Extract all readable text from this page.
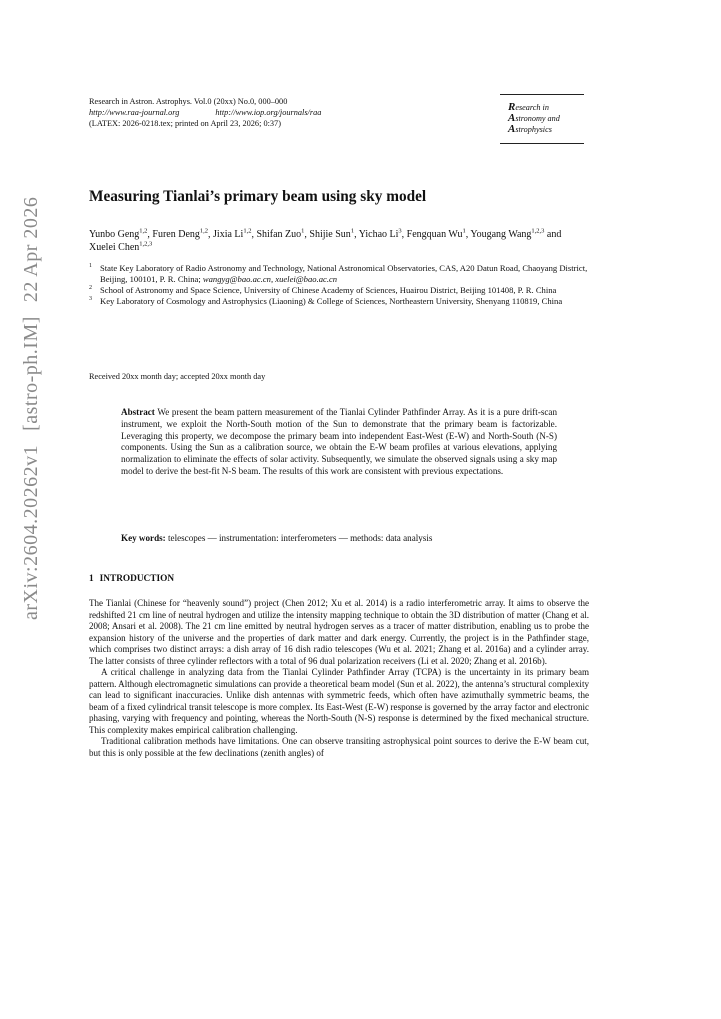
arXiv:2604.20262v1[astro-ph.IM]22 Apr 2026
Research in Astron. Astrophys. Vol.0 (20xx) No.0, 000–000
http://www.raa-journal.org	http://www.iop.org/journals/raa
(LATEX: 2026-0218.tex; printed on April 23, 2026; 0:37)
Research in
Astronomy and
Astrophysics
Measuring Tianlai’s primary beam using sky model
Yunbo Geng$^{1,2}$, Furen Deng$^{1,2}$, Jixia Li$^{1,2}$, Shifan Zuo$^1$, Shijie Sun$^1$, Yichao Li$^3$, Fengquan Wu$^1$, Yougang Wang$^{1,2,3}$ and Xuelei Chen$^{1,2,3}$
1 State Key Laboratory of Radio Astronomy and Technology, National Astronomical Observatories, CAS, A20 Datun Road, Chaoyang District, Beijing, 100101, P. R. China; wangyg@bao.ac.cn, xuelei@bao.ac.cn
2 School of Astronomy and Space Science, University of Chinese Academy of Sciences, Huairou District, Beijing 101408, P. R. China
3 Key Laboratory of Cosmology and Astrophysics (Liaoning) & College of Sciences, Northeastern University, Shenyang 110819, China
Received 20xx month day; accepted 20xx month day
Abstract We present the beam pattern measurement of the Tianlai Cylinder Pathfinder Array. As it is a pure drift-scan instrument, we exploit the North-South motion of the Sun to demonstrate that the primary beam is factorizable. Leveraging this property, we decompose the primary beam into independent East-West (E-W) and North-South (N-S) components. Using the Sun as a calibration source, we obtain the E-W beam profiles at various elevations, applying normalization to eliminate the effects of solar activity. Subsequently, we simulate the observed signals using a sky map model to derive the best-fit N-S beam. The results of this work are consistent with previous expectations.
Key words: telescopes — instrumentation: interferometers — methods: data analysis
1 INTRODUCTION

The Tianlai (Chinese for “heavenly sound”) project (Chen 2012; Xu et al. 2014) is a radio interferometric array. It aims to observe the redshifted 21 cm line of neutral hydrogen and utilize the intensity mapping technique to obtain the 3D distribution of matter (Chang et al. 2008; Ansari et al. 2008). The 21 cm line emitted by neutral hydrogen serves as a tracer of matter distribution, enabling us to probe the expansion history of the universe and the properties of dark matter and dark energy. Currently, the project is in the Pathfinder stage, which comprises two distinct arrays: a dish array of 16 dish radio telescopes (Wu et al. 2021; Zhang et al. 2016a) and a cylinder array. The latter consists of three cylinder reflectors with a total of 96 dual polarization receivers (Li et al. 2020; Zhang et al. 2016b).

A critical challenge in analyzing data from the Tianlai Cylinder Pathfinder Array (TCPA) is the uncertainty in its primary beam pattern. Although electromagnetic simulations can provide a theoretical beam model (Sun et al. 2022), the antenna’s structural complexity can lead to significant inaccuracies. Unlike dish antennas with symmetric feeds, which often have azimuthally symmetric beams, the beam of a fixed cylindrical transit telescope is more complex. Its East-West (E-W) response is governed by the array factor and electronic phasing, varying with frequency and pointing, whereas the North-South (N-S) response is determined by the fixed mechanical structure. This complexity makes empirical calibration challenging.

Traditional calibration methods have limitations. One can observe transiting astrophysical point sources to derive the E-W beam cut, but this is only possible at the few declinations (zenith angles) of
